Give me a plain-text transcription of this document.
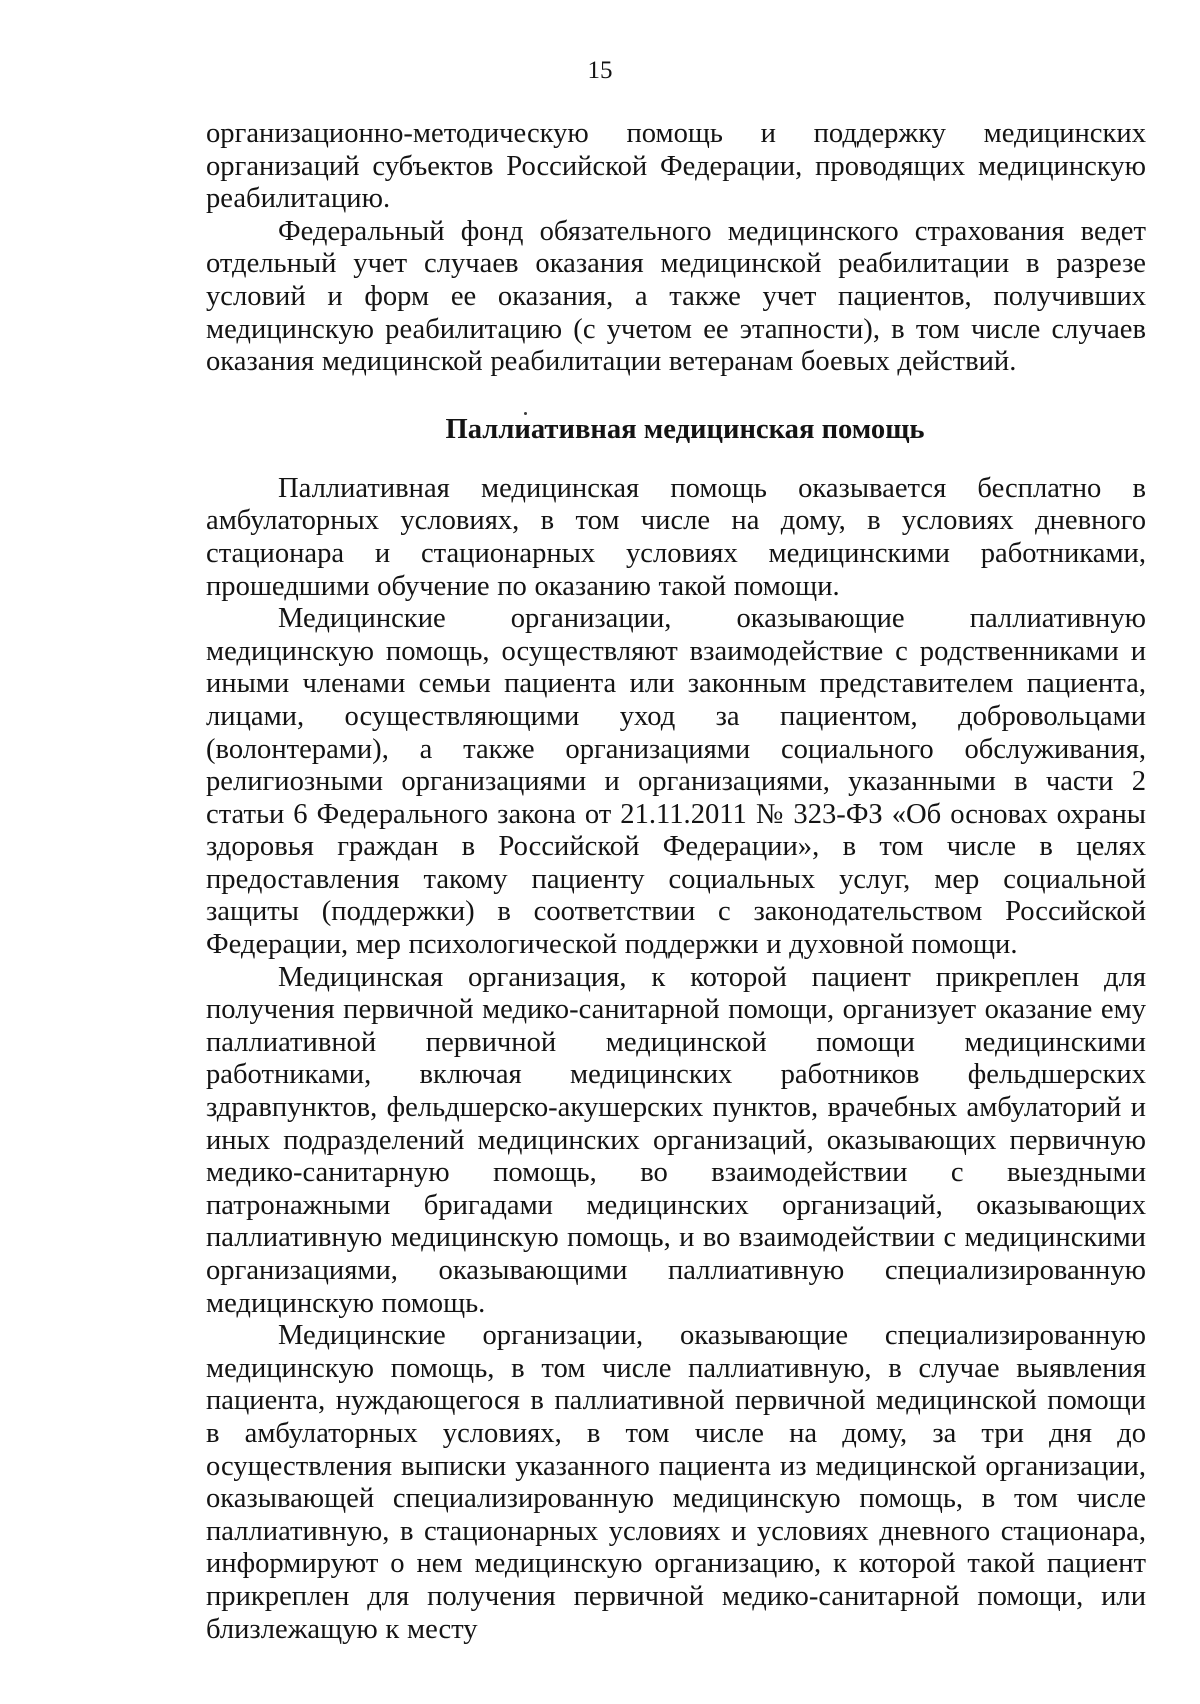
15

организационно-методическую помощь и поддержку медицинских организаций субъектов Российской Федерации, проводящих медицинскую реабилитацию.

Федеральный фонд обязательного медицинского страхования ведет отдельный учет случаев оказания медицинской реабилитации в разрезе условий и форм ее оказания, а также учет пациентов, получивших медицинскую реабилитацию (с учетом ее этапности), в том числе случаев оказания медицинской реабилитации ветеранам боевых действий.

Паллиативная медицинская помощь

Паллиативная медицинская помощь оказывается бесплатно в амбулаторных условиях, в том числе на дому, в условиях дневного стационара и стационарных условиях медицинскими работниками, прошедшими обучение по оказанию такой помощи.

Медицинские организации, оказывающие паллиативную медицинскую помощь, осуществляют взаимодействие с родственниками и иными членами семьи пациента или законным представителем пациента, лицами, осуществляющими уход за пациентом, добровольцами (волонтерами), а также организациями социального обслуживания, религиозными организациями и организациями, указанными в части 2 статьи 6 Федерального закона от 21.11.2011 № 323-ФЗ «Об основах охраны здоровья граждан в Российской Федерации», в том числе в целях предоставления такому пациенту социальных услуг, мер социальной защиты (поддержки) в соответствии с законодательством Российской Федерации, мер психологической поддержки и духовной помощи.

Медицинская организация, к которой пациент прикреплен для получения первичной медико-санитарной помощи, организует оказание ему паллиативной первичной медицинской помощи медицинскими работниками, включая медицинских работников фельдшерских здравпунктов, фельдшерско-акушерских пунктов, врачебных амбулаторий и иных подразделений медицинских организаций, оказывающих первичную медико-санитарную помощь, во взаимодействии с выездными патронажными бригадами медицинских организаций, оказывающих паллиативную медицинскую помощь, и во взаимодействии с медицинскими организациями, оказывающими паллиативную специализированную медицинскую помощь.

Медицинские организации, оказывающие специализированную медицинскую помощь, в том числе паллиативную, в случае выявления пациента, нуждающегося в паллиативной первичной медицинской помощи в амбулаторных условиях, в том числе на дому, за три дня до осуществления выписки указанного пациента из медицинской организации, оказывающей специализированную медицинскую помощь, в том числе паллиативную, в стационарных условиях и условиях дневного стационара, информируют о нем медицинскую организацию, к которой такой пациент прикреплен для получения первичной медико-санитарной помощи, или близлежащую к месту
